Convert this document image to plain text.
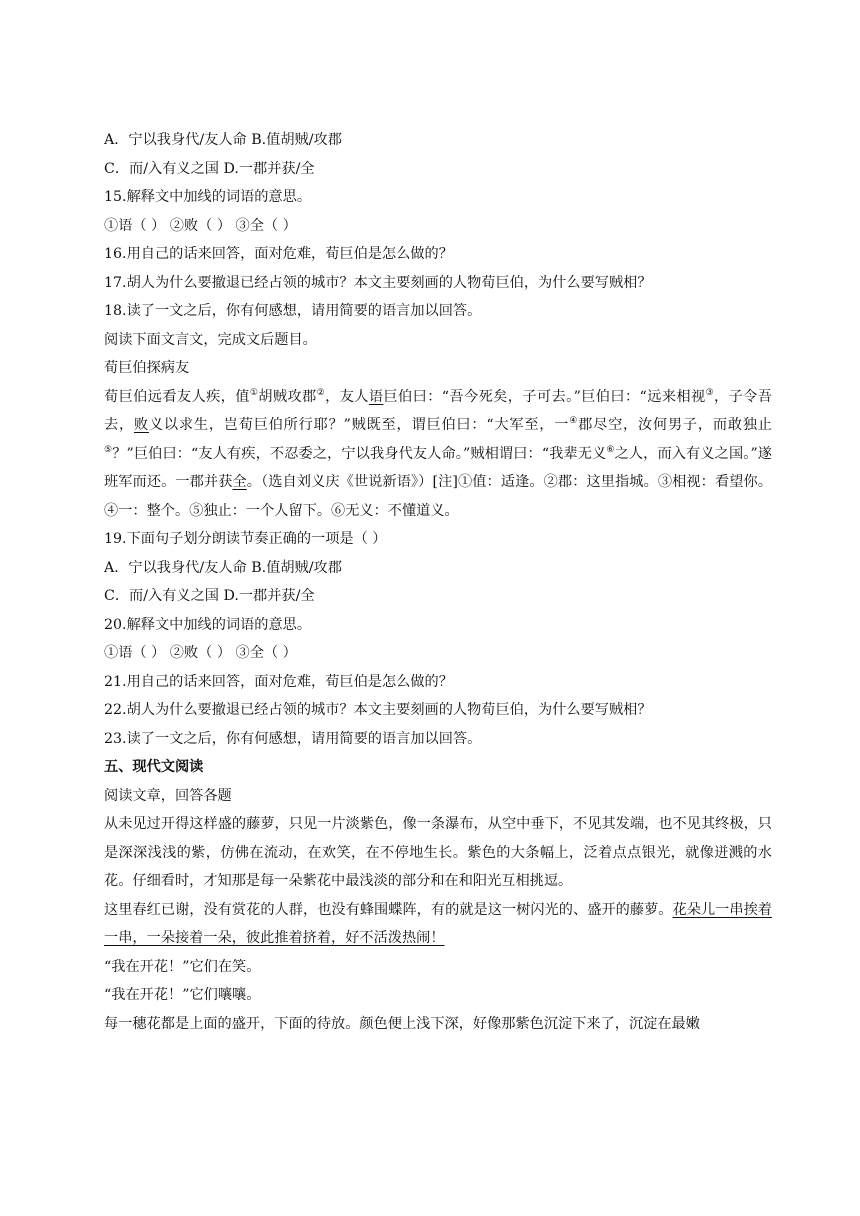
A．宁以我身代/友人命 B.值胡贼/攻郡

C．而/入有义之国 D.一郡并获/全

15.解释文中加线的词语的意思。

①语（ ） ②败（ ） ③全（ ）

16.用自己的话来回答，面对危难，荀巨伯是怎么做的？

17.胡人为什么要撤退已经占领的城市？本文主要刻画的人物荀巨伯，为什么要写贼相？

18.读了一文之后，你有何感想，请用简要的语言加以回答。

阅读下面文言文，完成文后题目。

荀巨伯探病友

荀巨伯远看友人疾，值①胡贼攻郡②，友人语巨伯曰：“吾今死矣，子可去。”巨伯曰：“远来相视③，子令吾去，败义以求生，岂荀巨伯所行耶？”贼既至，谓巨伯曰：“大军至，一④郡尽空，汝何男子，而敢独止⑤？”巨伯曰：“友人有疾，不忍委之，宁以我身代友人命。”贼相谓曰：“我辈无义⑥之人，而入有义之国。”遂班军而还。一郡并获全。（选自刘义庆《世说新语》）[注]①值：适逢。②郡：这里指城。③相视：看望你。④一：整个。⑤独止：一个人留下。⑥无义：不懂道义。

19.下面句子划分朗读节奏正确的一项是（ ）

A．宁以我身代/友人命 B.值胡贼/攻郡

C．而/入有义之国 D.一郡并获/全

20.解释文中加线的词语的意思。

①语（ ） ②败（ ） ③全（ ）

21.用自己的话来回答，面对危难，荀巨伯是怎么做的？

22.胡人为什么要撤退已经占领的城市？本文主要刻画的人物荀巨伯，为什么要写贼相？

23.读了一文之后，你有何感想，请用简要的语言加以回答。

五、现代文阅读

阅读文章，回答各题

从未见过开得这样盛的藤萝，只见一片淡紫色，像一条瀑布，从空中垂下，不见其发端，也不见其终极，只是深深浅浅的紫，仿佛在流动，在欢笑，在不停地生长。紫色的大条幅上，泛着点点银光，就像迸溅的水花。仔细看时，才知那是每一朵紫花中最浅淡的部分和在和阳光互相挑逗。

这里春红已谢，没有赏花的人群，也没有蜂围蝶阵，有的就是这一树闪光的、盛开的藤萝。花朵儿一串挨着一串，一朵接着一朵，彼此推着挤着，好不活泼热闹！

“我在开花！”它们在笑。

“我在开花！”它们嚷嚷。

每一穗花都是上面的盛开，下面的待放。颜色便上浅下深，好像那紫色沉淀下来了，沉淀在最嫩
